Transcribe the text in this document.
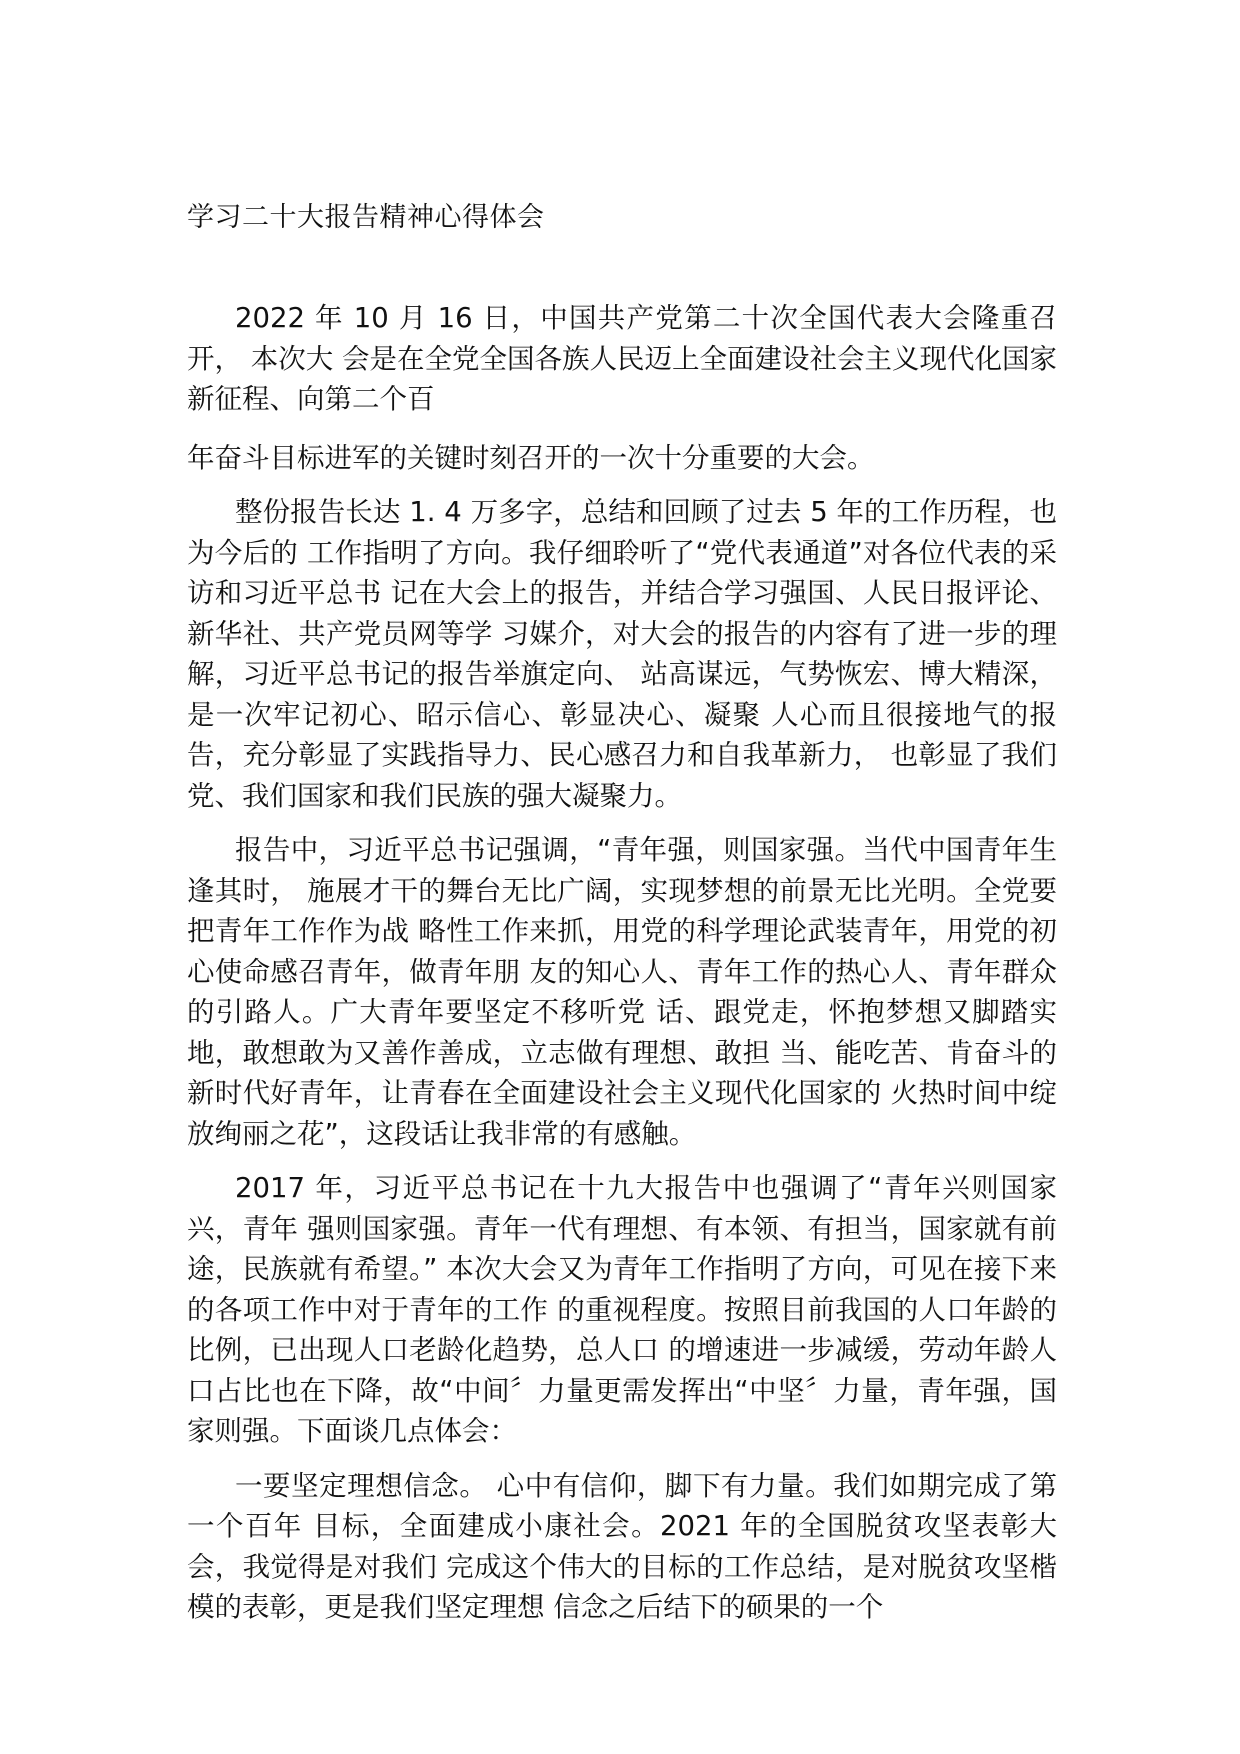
学习二十大报告精神心得体会

2022 年 10 月 16 日，中国共产党第二十次全国代表大会隆重召开， 本次大 会是在全党全国各族人民迈上全面建设社会主义现代化国家新征程、向第二个百

年奋斗目标进军的关键时刻召开的一次十分重要的大会。

整份报告长达 1. 4 万多字，总结和回顾了过去 5 年的工作历程，也为今后的 工作指明了方向。我仔细聆听了“党代表通道”对各位代表的采访和习近平总书 记在大会上的报告，并结合学习强国、人民日报评论、新华社、共产党员网等学 习媒介，对大会的报告的内容有了进一步的理解，习近平总书记的报告举旗定向、 站高谋远，气势恢宏、博大精深，是一次牢记初心、昭示信心、彰显决心、凝聚 人心而且很接地气的报告，充分彰显了实践指导力、民心感召力和自我革新力， 也彰显了我们党、我们国家和我们民族的强大凝聚力。

报告中，习近平总书记强调，“青年强，则国家强。当代中国青年生逢其时， 施展才干的舞台无比广阔，实现梦想的前景无比光明。全党要把青年工作作为战 略性工作来抓，用党的科学理论武装青年，用党的初心使命感召青年，做青年朋 友的知心人、青年工作的热心人、青年群众的引路人。广大青年要坚定不移听党 话、跟党走，怀抱梦想又脚踏实地，敢想敢为又善作善成，立志做有理想、敢担 当、能吃苦、肯奋斗的新时代好青年，让青春在全面建设社会主义现代化国家的 火热时间中绽放绚丽之花”，这段话让我非常的有感触。

2017 年，习近平总书记在十九大报告中也强调了“青年兴则国家兴，青年 强则国家强。青年一代有理想、有本领、有担当，国家就有前途，民族就有希望。” 本次大会又为青年工作指明了方向，可见在接下来的各项工作中对于青年的工作 的重视程度。按照目前我国的人口年龄的比例，已出现人口老龄化趋势，总人口 的增速进一步减缓，劳动年龄人口占比也在下降，故“中间〞力量更需发挥出“中坚〞力量，青年强，国家则强。下面谈几点体会：

一要坚定理想信念。 心中有信仰，脚下有力量。我们如期完成了第一个百年 目标，全面建成小康社会。2021 年的全国脱贫攻坚表彰大会，我觉得是对我们 完成这个伟大的目标的工作总结，是对脱贫攻坚楷模的表彰，更是我们坚定理想 信念之后结下的硕果的一个
